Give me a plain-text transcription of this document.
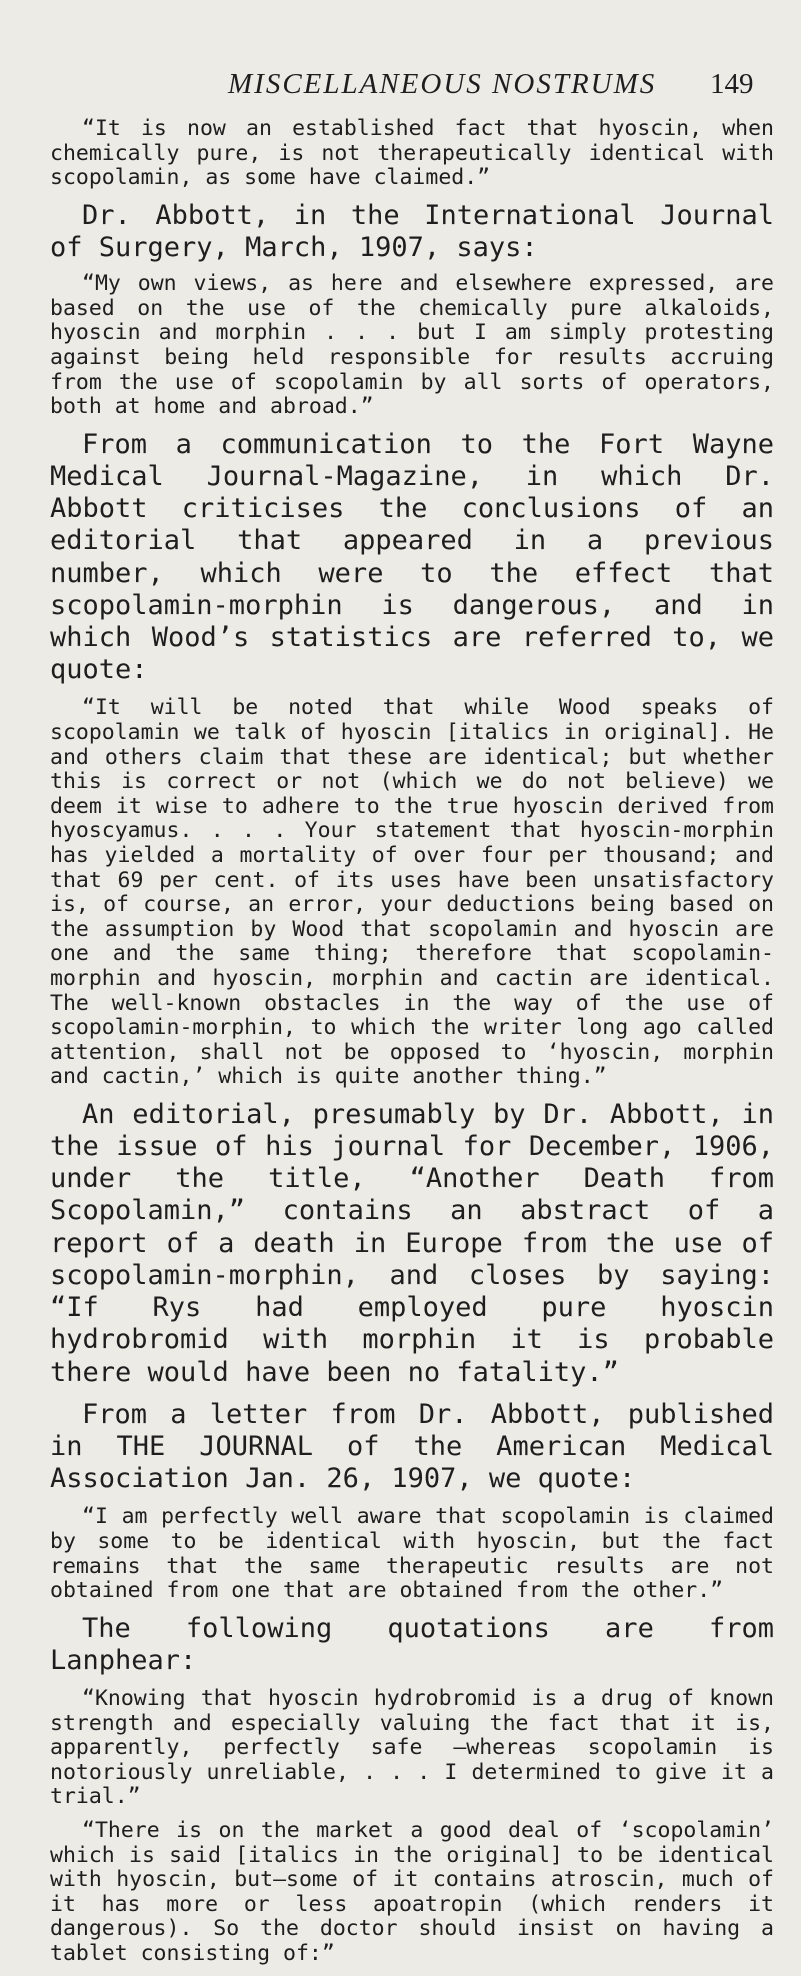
MISCELLANEOUS NOSTRUMS 149

“It is now an established fact that hyoscin, when chemically pure, is not therapeutically identical with scopolamin, as some have claimed.”

Dr. Abbott, in the International Journal of Surgery, March, 1907, says:

“My own views, as here and elsewhere expressed, are based on the use of the chemically pure alkaloids, hyoscin and morphin . . . but I am simply protesting against being held responsible for results accruing from the use of scopolamin by all sorts of operators, both at home and abroad.”

From a communication to the Fort Wayne Medical Journal-Magazine, in which Dr. Abbott criticises the conclusions of an editorial that appeared in a previous number, which were to the effect that scopolamin-morphin is dangerous, and in which Wood’s statistics are referred to, we quote:

“It will be noted that while Wood speaks of scopolamin we talk of hyoscin [italics in original]. He and others claim that these are identical; but whether this is correct or not (which we do not believe) we deem it wise to adhere to the true hyoscin derived from hyoscyamus. . . . Your statement that hyoscin-morphin has yielded a mortality of over four per thousand; and that 69 per cent. of its uses have been unsatisfactory is, of course, an error, your deductions being based on the assumption by Wood that scopolamin and hyoscin are one and the same thing; therefore that scopolamin-morphin and hyoscin, morphin and cactin are identical. The well-known obstacles in the way of the use of scopolamin-morphin, to which the writer long ago called attention, shall not be opposed to ‘hyoscin, morphin and cactin,’ which is quite another thing.”

An editorial, presumably by Dr. Abbott, in the issue of his journal for December, 1906, under the title, “Another Death from Scopolamin,” contains an abstract of a report of a death in Europe from the use of scopolamin-morphin, and closes by saying: “If Rys had employed pure hyoscin hydrobromid with morphin it is probable there would have been no fatality.”

From a letter from Dr. Abbott, published in THE JOURNAL of the American Medical Association Jan. 26, 1907, we quote:

“I am perfectly well aware that scopolamin is claimed by some to be identical with hyoscin, but the fact remains that the same therapeutic results are not obtained from one that are obtained from the other.”

The following quotations are from Lanphear:

“Knowing that hyoscin hydrobromid is a drug of known strength and especially valuing the fact that it is, apparently, perfectly safe —whereas scopolamin is notoriously unreliable, . . . I determined to give it a trial.”

“There is on the market a good deal of ‘scopolamin’ which is said [italics in the original] to be identical with hyoscin, but—some of it contains atroscin, much of it has more or less apoatropin (which renders it dangerous). So the doctor should insist on having a tablet consisting of:”
